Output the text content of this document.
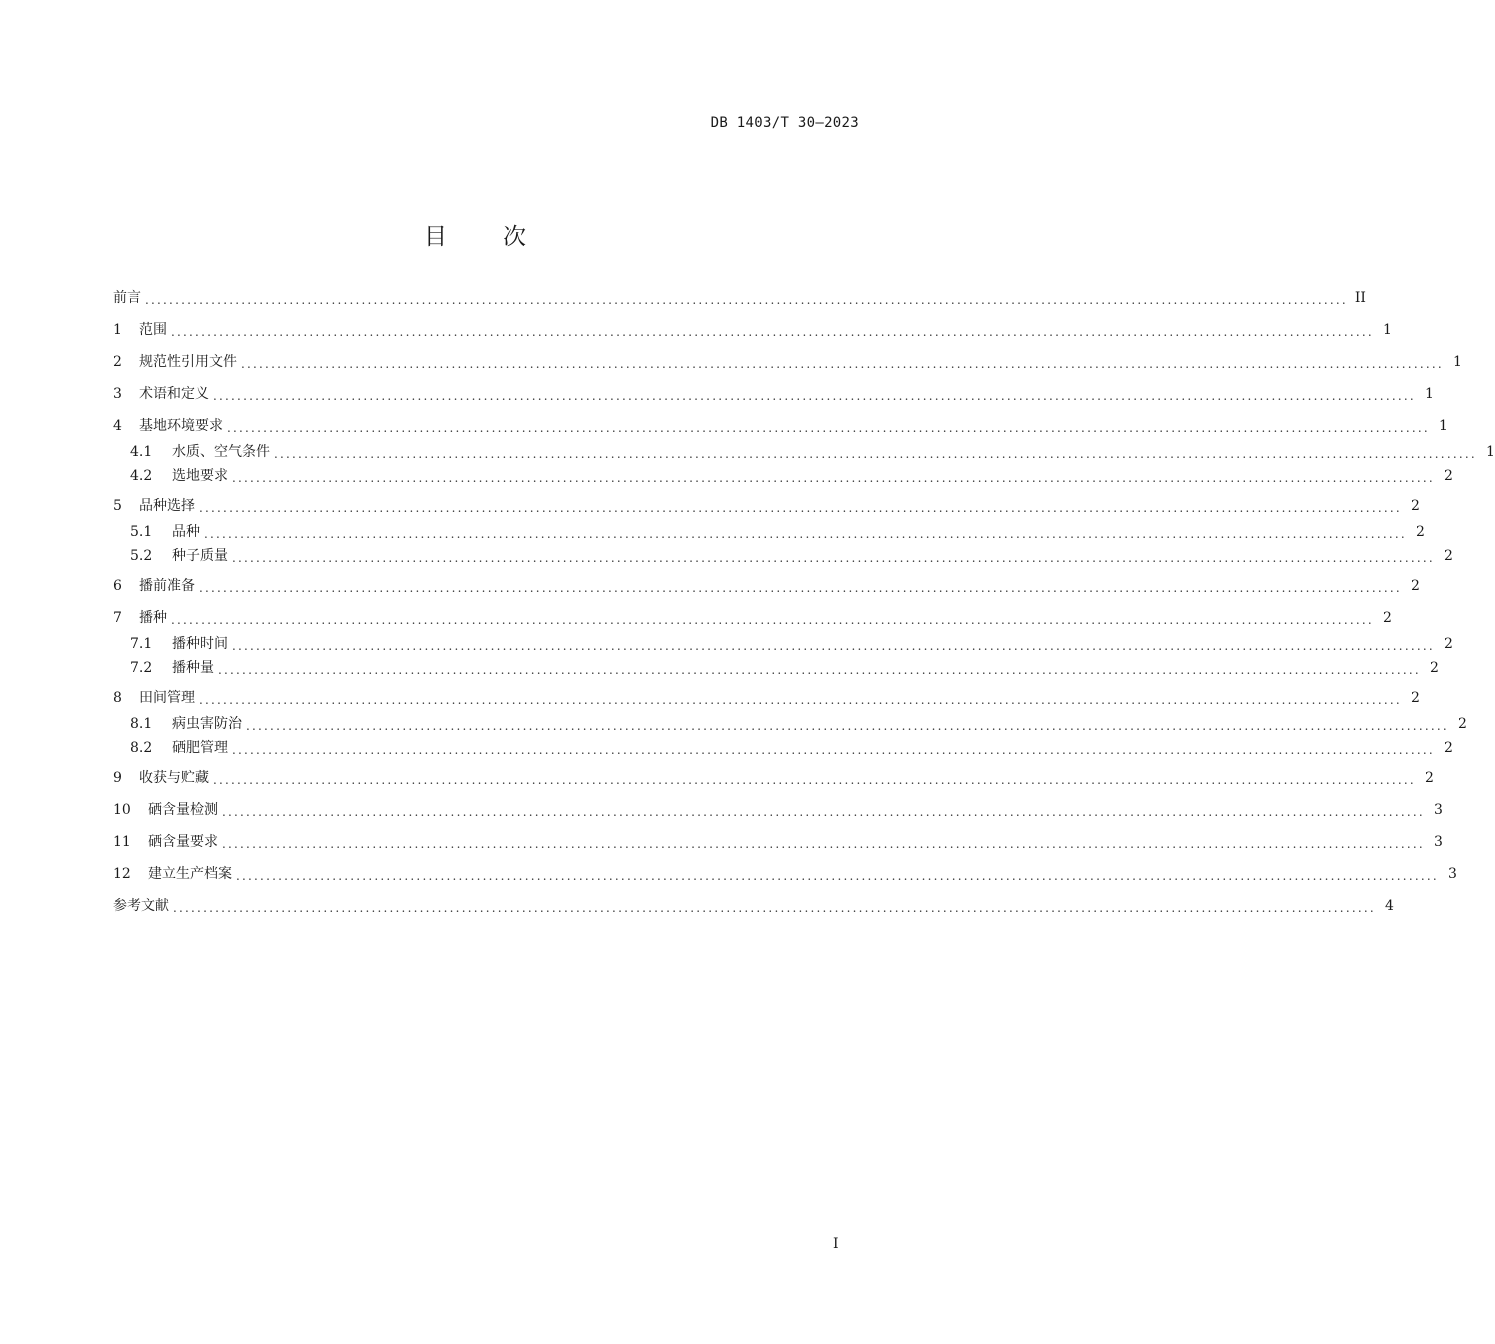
DB 1403/T 30—2023
目次
前言 ........................................................................................................................................................................................................ II
1	范围 ........................................................................................................................................................................................................ 1
2	规范性引用文件 ........................................................................................................................................................................................................ 1
3	术语和定义 ........................................................................................................................................................................................................ 1
4	基地环境要求 ........................................................................................................................................................................................................ 1
4.1	水质、空气条件 ........................................................................................................................................................................................................ 1
4.2	选地要求 ........................................................................................................................................................................................................ 2
5	品种选择 ........................................................................................................................................................................................................ 2
5.1	品种 ........................................................................................................................................................................................................ 2
5.2	种子质量 ........................................................................................................................................................................................................ 2
6	播前准备 ........................................................................................................................................................................................................ 2
7	播种 ........................................................................................................................................................................................................ 2
7.1	播种时间 ........................................................................................................................................................................................................ 2
7.2	播种量 ........................................................................................................................................................................................................ 2
8	田间管理 ........................................................................................................................................................................................................ 2
8.1	病虫害防治 ........................................................................................................................................................................................................ 2
8.2	硒肥管理 ........................................................................................................................................................................................................ 2
9	收获与贮藏 ........................................................................................................................................................................................................ 2
10	硒含量检测 ........................................................................................................................................................................................................ 3
11	硒含量要求 ........................................................................................................................................................................................................ 3
12	建立生产档案 ........................................................................................................................................................................................................ 3
参考文献 ........................................................................................................................................................................................................ 4
I
